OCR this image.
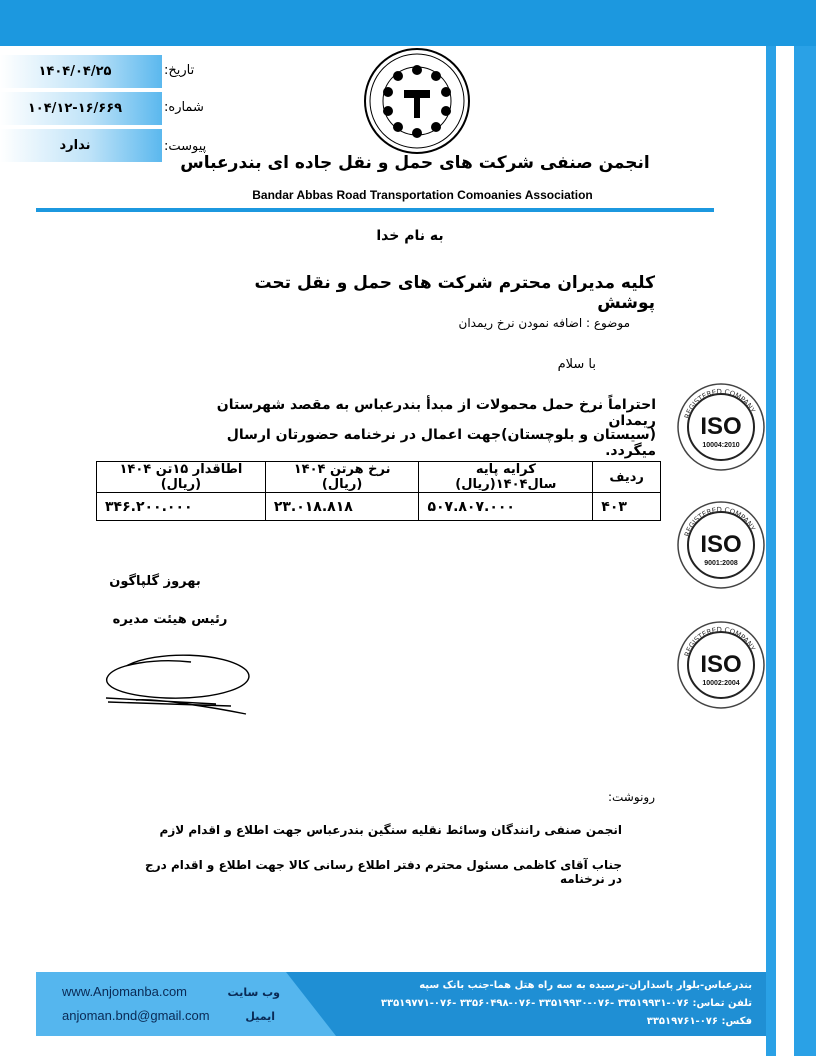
۱۴۰۴/۰۴/۲۵	تاریخ:
۱۰۴/۱۲-۱۶/۶۶۹	شماره:
ندارد	پیوست:
انجمن صنفی شرکت های حمل و نقل جاده ای بندرعباس
Bandar Abbas Road Transportation Comoanies Association
به نام خدا
کلیه مدیران محترم شرکت های حمل و نقل تحت پوشش
موضوع : اضافه نمودن نرخ ریمدان
با سلام
احتراماً نرخ حمل محمولات از مبدأ بندرعباس به مقصد شهرستان ریمدان
(سیستان و بلوچستان)جهت اعمال در نرخنامه حضورتان ارسال میگردد.
ردیف	کرایه پایه سال۱۴۰۴(ریال)	نرخ هرتن ۱۴۰۴ (ریال)	اطاقدار ۱۵تن ۱۴۰۴ (ریال)
۴۰۳	۵۰۷.۸۰۷.۰۰۰	۲۳.۰۱۸.۸۱۸	۳۴۶.۲۰۰.۰۰۰
REGISTERED COMPANY
ISO
10004:2010
REGISTERED COMPANY
ISO
9001:2008
REGISTERED COMPANY
ISO
10002:2004
بهروز گلپاگون
رئیس هیئت مدیره
رونوشت:
انجمن صنفی رانندگان وسائط نقلیه سنگین بندرعباس جهت اطلاع و اقدام لازم
جناب آقای کاظمی مسئول محترم دفتر اطلاع رسانی کالا جهت اطلاع و اقدام درج در نرخنامه
www.Anjomanba.com
anjoman.bnd@gmail.com
وب سایت
ایمیل
بندرعباس-بلوار پاسداران-نرسیده به سه راه هتل هما-جنب بانک سپه
تلفن تماس: ۰۷۶-۳۳۵۱۹۹۳۱ -۰۷۶-۳۳۵۱۹۹۳۰ -۰۷۶-۳۳۵۶۰۴۹۸ -۰۷۶-۳۳۵۱۹۷۷۱
فکس: ۰۷۶-۳۳۵۱۹۷۶۱
